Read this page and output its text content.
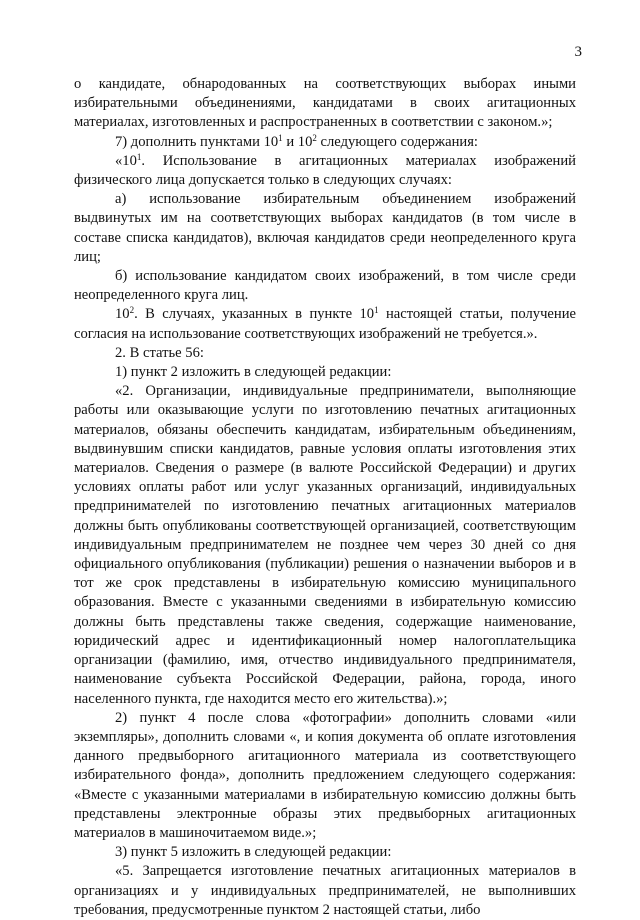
3

о кандидате, обнародованных на соответствующих выборах иными избирательными объединениями, кандидатами в своих агитационных материалах, изготовленных и распространенных в соответствии с законом.»;

7) дополнить пунктами $10^1$ и $10^2$ следующего содержания:

«$10^1$. Использование в агитационных материалах изображений физического лица допускается только в следующих случаях:

а) использование избирательным объединением изображений выдвинутых им на соответствующих выборах кандидатов (в том числе в составе списка кандидатов), включая кандидатов среди неопределенного круга лиц;

б) использование кандидатом своих изображений, в том числе среди неопределенного круга лиц.

$10^2$. В случаях, указанных в пункте $10^1$ настоящей статьи, получение согласия на использование соответствующих изображений не требуется.».

2. В статье 56:

1) пункт 2 изложить в следующей редакции:

«2. Организации, индивидуальные предприниматели, выполняющие работы или оказывающие услуги по изготовлению печатных агитационных материалов, обязаны обеспечить кандидатам, избирательным объединениям, выдвинувшим списки кандидатов, равные условия оплаты изготовления этих материалов. Сведения о размере (в валюте Российской Федерации) и других условиях оплаты работ или услуг указанных организаций, индивидуальных предпринимателей по изготовлению печатных агитационных материалов должны быть опубликованы соответствующей организацией, соответствующим индивидуальным предпринимателем не позднее чем через 30 дней со дня официального опубликования (публикации) решения о назначении выборов и в тот же срок представлены в избирательную комиссию муниципального образования. Вместе с указанными сведениями в избирательную комиссию должны быть представлены также сведения, содержащие наименование, юридический адрес и идентификационный номер налогоплательщика организации (фамилию, имя, отчество индивидуального предпринимателя, наименование субъекта Российской Федерации, района, города, иного населенного пункта, где находится место его жительства).»;

2) пункт 4 после слова «фотографии» дополнить словами «или экземпляры», дополнить словами «, и копия документа об оплате изготовления данного предвыборного агитационного материала из соответствующего избирательного фонда», дополнить предложением следующего содержания: «Вместе с указанными материалами в избирательную комиссию должны быть представлены электронные образы этих предвыборных агитационных материалов в машиночитаемом виде.»;

3) пункт 5 изложить в следующей редакции:

«5. Запрещается изготовление печатных агитационных материалов в организациях и у индивидуальных предпринимателей, не выполнивших требования, предусмотренные пунктом 2 настоящей статьи, либо
